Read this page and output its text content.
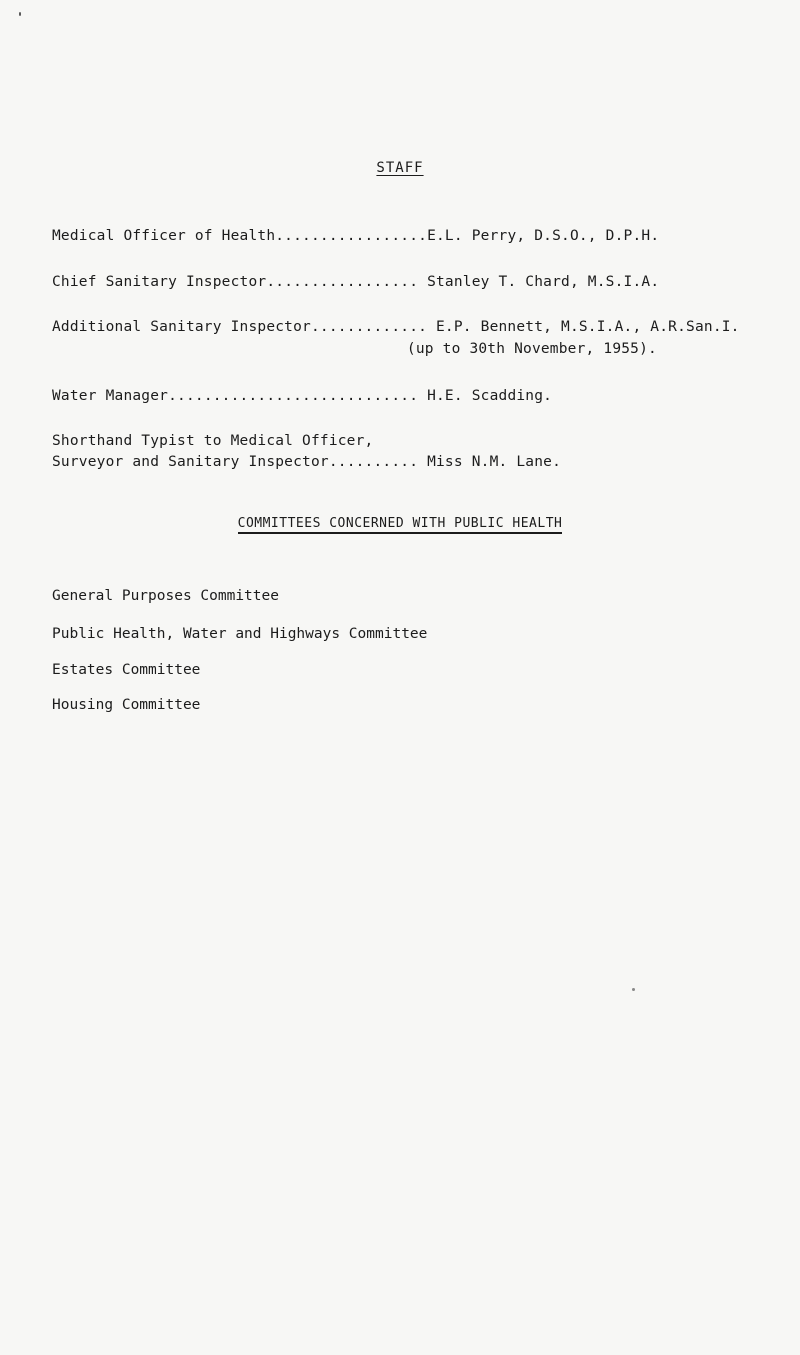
STAFF
Medical Officer of Health.................E.L. Perry, D.S.O., D.P.H.
Chief Sanitary Inspector................. Stanley T. Chard, M.S.I.A.
Additional Sanitary Inspector............. E.P. Bennett, M.S.I.A., A.R.San.I.
(up to 30th November, 1955).
Water Manager............................ H.E. Scadding.
Shorthand Typist to Medical Officer,
Surveyor and Sanitary Inspector.......... Miss N.M. Lane.
COMMITTEES CONCERNED WITH PUBLIC HEALTH
General Purposes Committee
Public Health, Water and Highways Committee
Estates Committee
Housing Committee
